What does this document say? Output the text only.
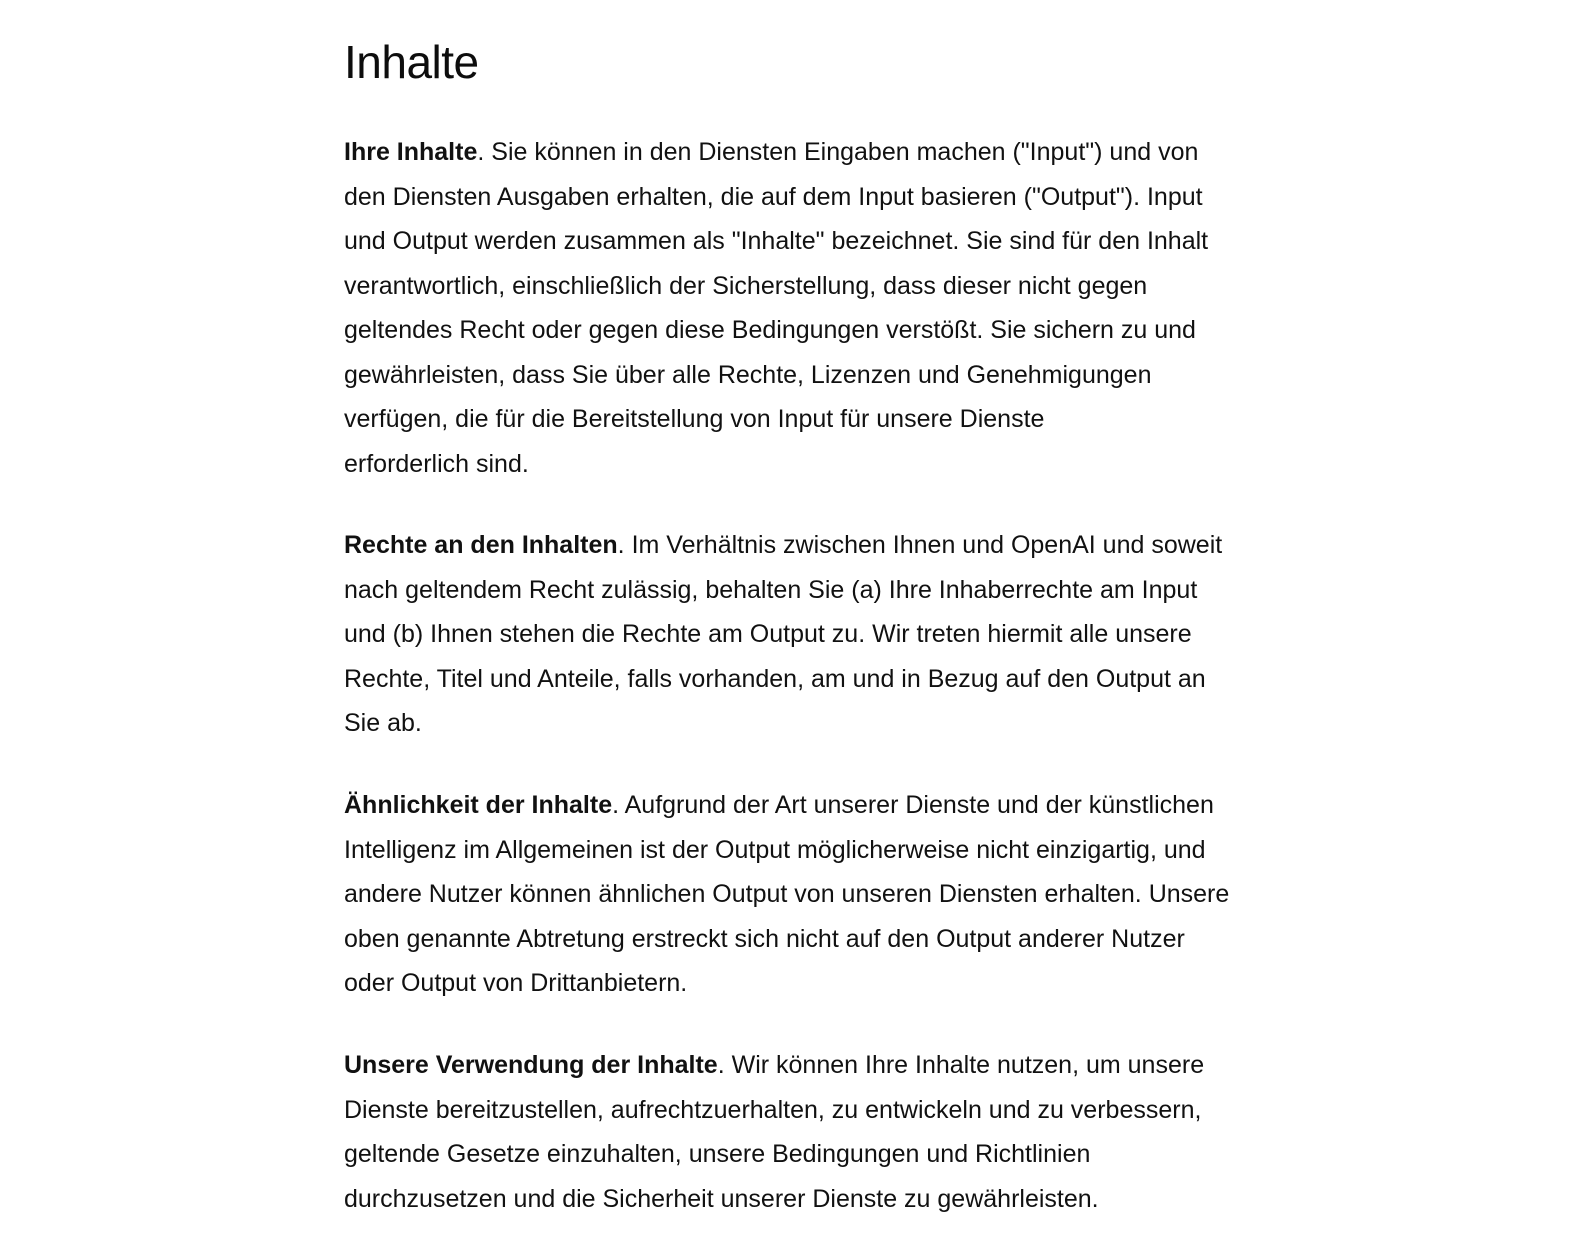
Inhalte

Ihre Inhalte. Sie können in den Diensten Eingaben machen ("Input") und von
den Diensten Ausgaben erhalten, die auf dem Input basieren ("Output"). Input
und Output werden zusammen als "Inhalte" bezeichnet. Sie sind für den Inhalt
verantwortlich, einschließlich der Sicherstellung, dass dieser nicht gegen
geltendes Recht oder gegen diese Bedingungen verstößt. Sie sichern zu und
gewährleisten, dass Sie über alle Rechte, Lizenzen und Genehmigungen
verfügen, die für die Bereitstellung von Input für unsere Dienste
erforderlich sind.

Rechte an den Inhalten. Im Verhältnis zwischen Ihnen und OpenAI und soweit
nach geltendem Recht zulässig, behalten Sie (a) Ihre Inhaberrechte am Input
und (b) Ihnen stehen die Rechte am Output zu. Wir treten hiermit alle unsere
Rechte, Titel und Anteile, falls vorhanden, am und in Bezug auf den Output an
Sie ab.

Ähnlichkeit der Inhalte. Aufgrund der Art unserer Dienste und der künstlichen
Intelligenz im Allgemeinen ist der Output möglicherweise nicht einzigartig, und
andere Nutzer können ähnlichen Output von unseren Diensten erhalten. Unsere
oben genannte Abtretung erstreckt sich nicht auf den Output anderer Nutzer
oder Output von Drittanbietern.

Unsere Verwendung der Inhalte. Wir können Ihre Inhalte nutzen, um unsere
Dienste bereitzustellen, aufrechtzuerhalten, zu entwickeln und zu verbessern,
geltende Gesetze einzuhalten, unsere Bedingungen und Richtlinien
durchzusetzen und die Sicherheit unserer Dienste zu gewährleisten.
